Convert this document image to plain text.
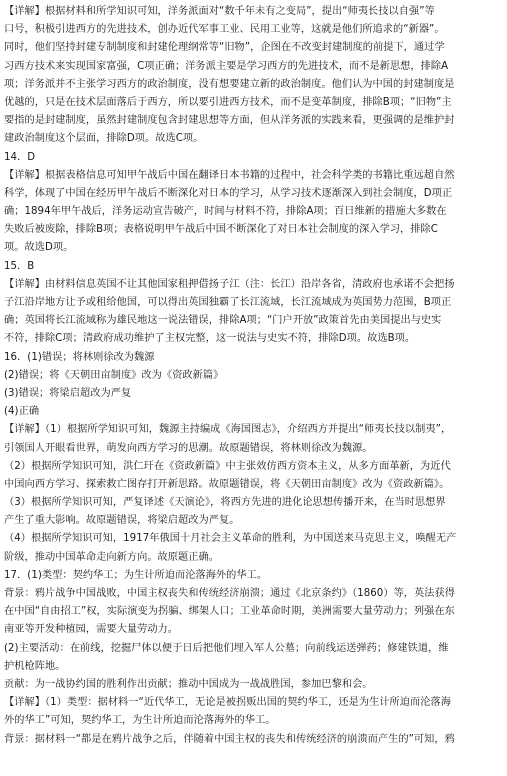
【详解】根据材料和所学知识可知，洋务派面对“数千年未有之变局”，提出“师夷长技以自强”等
口号，积极引进西方的先进技术，创办近代军事工业、民用工业等，这就是他们所追求的“新器”。
同时，他们坚持封建专制制度和封建伦理纲常等“旧物”，企图在不改变封建制度的前提下，通过学
习西方技术来实现国家富强，C项正确；洋务派主要是学习西方的先进技术，而不是新思想，排除A
项；洋务派并不主张学习西方的政治制度，没有想要建立新的政治制度。他们认为中国的封建制度是
优越的，只是在技术层面落后于西方，所以要引进西方技术，而不是变革制度，排除B项；“旧物”主
要指的是封建制度，虽然封建制度包含封建思想等方面，但从洋务派的实践来看，更强调的是维护封
建政治制度这个层面，排除D项。故选C项。
14．D
【详解】根据表格信息可知甲午战后中国在翻译日本书籍的过程中，社会科学类的书籍比重远超自然
科学，体现了中国在经历甲午战后不断深化对日本的学习，从学习技术逐渐深入到社会制度，D项正
确；1894年甲午战后，洋务运动宣告破产，时间与材料不符，排除A项；百日维新的措施大多数在
失败后被废除，排除B项；表格说明甲午战后中国不断深化了对日本社会制度的深入学习，排除C
项。故选D项。
15．B
【详解】由材料信息英国不让其他国家租押借扬子江（注：长江）沿岸各省，清政府也承诺不会把扬
子江沿岸地方让予或租给他国，可以得出英国独霸了长江流域，长江流域成为英国势力范围，B项正
确；英国将长江流域称为雄民地这一说法错误，排除A项；“门户开放”政策首先由美国提出与史实
不符，排除C项；清政府成功维护了主权完整，这一说法与史实不符，排除D项。故选B项。
16．(1)错误；将林则徐改为魏源
(2)错误；将《天朝田亩制度》改为《资政新篇》
(3)错误；将梁启超改为严复
(4)正确
【详解】（1）根据所学知识可知，魏源主持编成《海国图志》，介绍西方并提出“师夷长技以制夷”，
引领国人开眼看世界，萌发向西方学习的思潮。故原题错误，将林则徐改为魏源。
（2）根据所学知识可知，洪仁玕在《资政新篇》中主张效仿西方资本主义，从多方面革新，为近代
中国向西方学习、探索救亡图存打开新思路。故原题错误，将《天朝田亩制度》改为《资政新篇》。
（3）根据所学知识可知，严复译述《天演论》，将西方先进的进化论思想传播开来，在当时思想界
产生了重大影响。故原题错误，将梁启超改为严复。
（4）根据所学知识可知，1917年俄国十月社会主义革命的胜利，为中国送来马克思主义，唤醒无产
阶级，推动中国革命走向新方向。故原题正确。
17．(1)类型：契约华工；为生计所迫而沦落海外的华工。
背景：鸦片战争中国战败，中国主权丧失和传统经济崩溃；通过《北京条约》（1860）等，英法获得
在中国“自由招工”权，实际演变为拐骗、绑架人口；工业革命时期，美洲需要大量劳动力；列强在东
南亚等开发种植园，需要大量劳动力。
(2)主要活动：在前线，挖掘尸体以便于日后把他们埋入军人公墓；向前线运送弹药；修建铁道，维
护机枪阵地。
贡献：为一战协约国的胜利作出贡献；推动中国成为一战战胜国，参加巴黎和会。
【详解】（1）类型：据材料一“近代华工，无论是被拐贩出国的契约华工，还是为生计所迫而沦落海
外的华工”可知，契约华工，为生计所迫而沦落海外的华工。
背景：据材料一“都是在鸦片战争之后，伴随着中国主权的丧失和传统经济的崩溃而产生的”可知，鸦
